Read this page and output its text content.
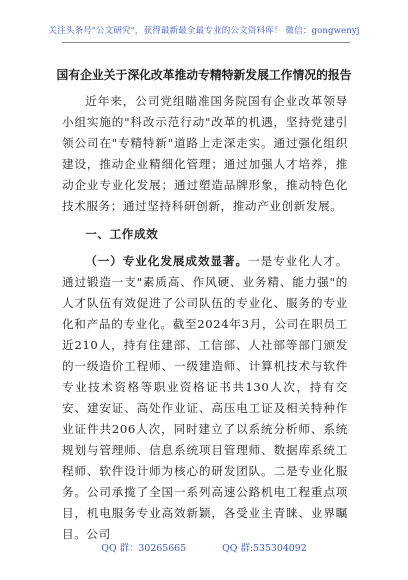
关注头条号"公文研究"，获得最新最全最专业的公文资料库！ 微信：gongwenyj
国有企业关于深化改革推动专精特新发展工作情况的报告

近年来，公司党组瞄准国务院国有企业改革领导小组实施的"科改示范行动"改革的机遇，坚持党建引领公司在"专精特新"道路上走深走实。通过强化组织建设，推动企业精细化管理；通过加强人才培养，推动企业专业化发展；通过塑造品牌形象，推动特色化技术服务；通过坚持科研创新，推动产业创新发展。

一、工作成效

（一）专业化发展成效显著。一是专业化人才。通过锻造一支"素质高、作风硬、业务精、能力强"的人才队伍有效促进了公司队伍的专业化、服务的专业化和产品的专业化。截至2024年3月，公司在职员工近210人，持有住建部、工信部、人社部等部门颁发的一级造价工程师、一级建造师、计算机技术与软件专业技术资格等职业资格证书共130人次，持有交安、建安证、高处作业证、高压电工证及相关特种作业证件共206人次，同时建立了以系统分析师、系统规划与管理师、信息系统项目管理师、数据库系统工程师、软件设计师为核心的研发团队。二是专业化服务。公司承揽了全国一系列高速公路机电工程重点项目，机电服务专业高效新颖，各受业主青睐、业界瞩目。公司

QQ 群：30265665	QQ 群:535304092
